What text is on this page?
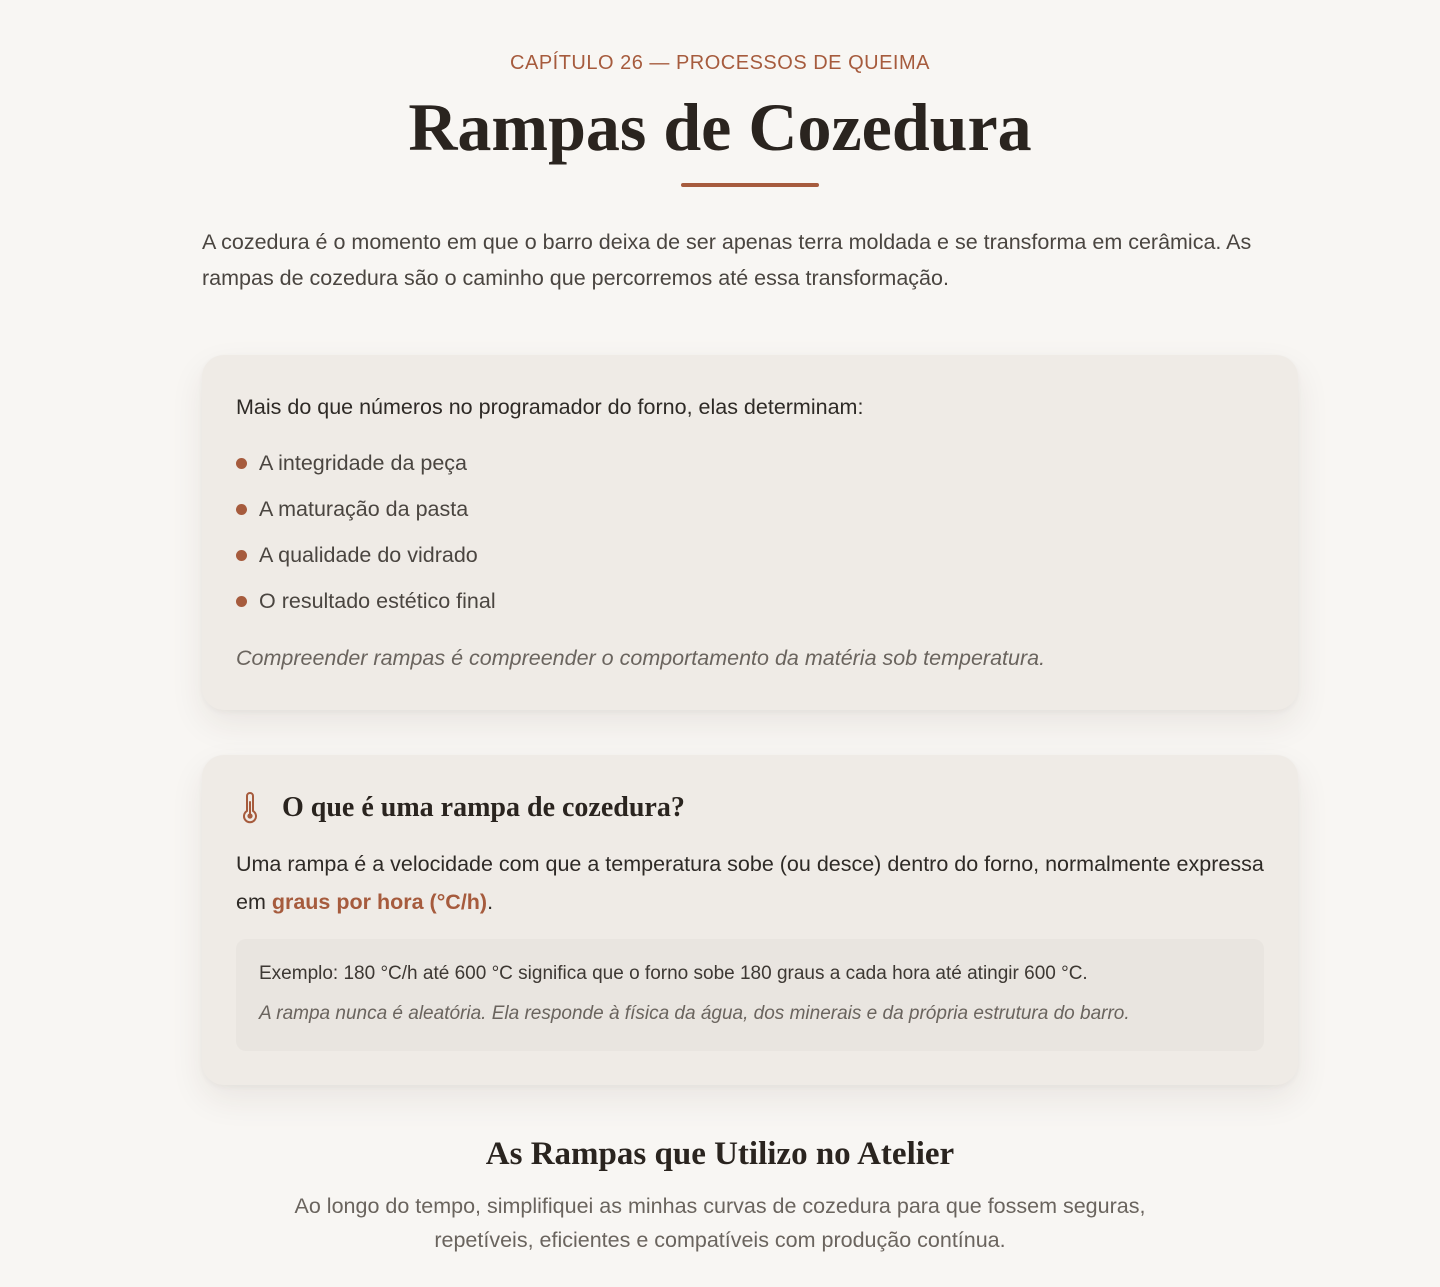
CAPÍTULO 26 — PROCESSOS DE QUEIMA
Rampas de Cozedura

A cozedura é o momento em que o barro deixa de ser apenas terra moldada e se transforma em cerâmica. As rampas de cozedura são o caminho que percorremos até essa transformação.

Mais do que números no programador do forno, elas determinam:

A integridade da peça
A maturação da pasta
A qualidade do vidrado
O resultado estético final

Compreender rampas é compreender o comportamento da matéria sob temperatura.

O que é uma rampa de cozedura?

Uma rampa é a velocidade com que a temperatura sobe (ou desce) dentro do forno, normalmente expressa em graus por hora (°C/h).

Exemplo: 180 °C/h até 600 °C significa que o forno sobe 180 graus a cada hora até atingir 600 °C.

A rampa nunca é aleatória. Ela responde à física da água, dos minerais e da própria estrutura do barro.

As Rampas que Utilizo no Atelier

Ao longo do tempo, simplifiquei as minhas curvas de cozedura para que fossem seguras, repetíveis, eficientes e compatíveis com produção contínua.
